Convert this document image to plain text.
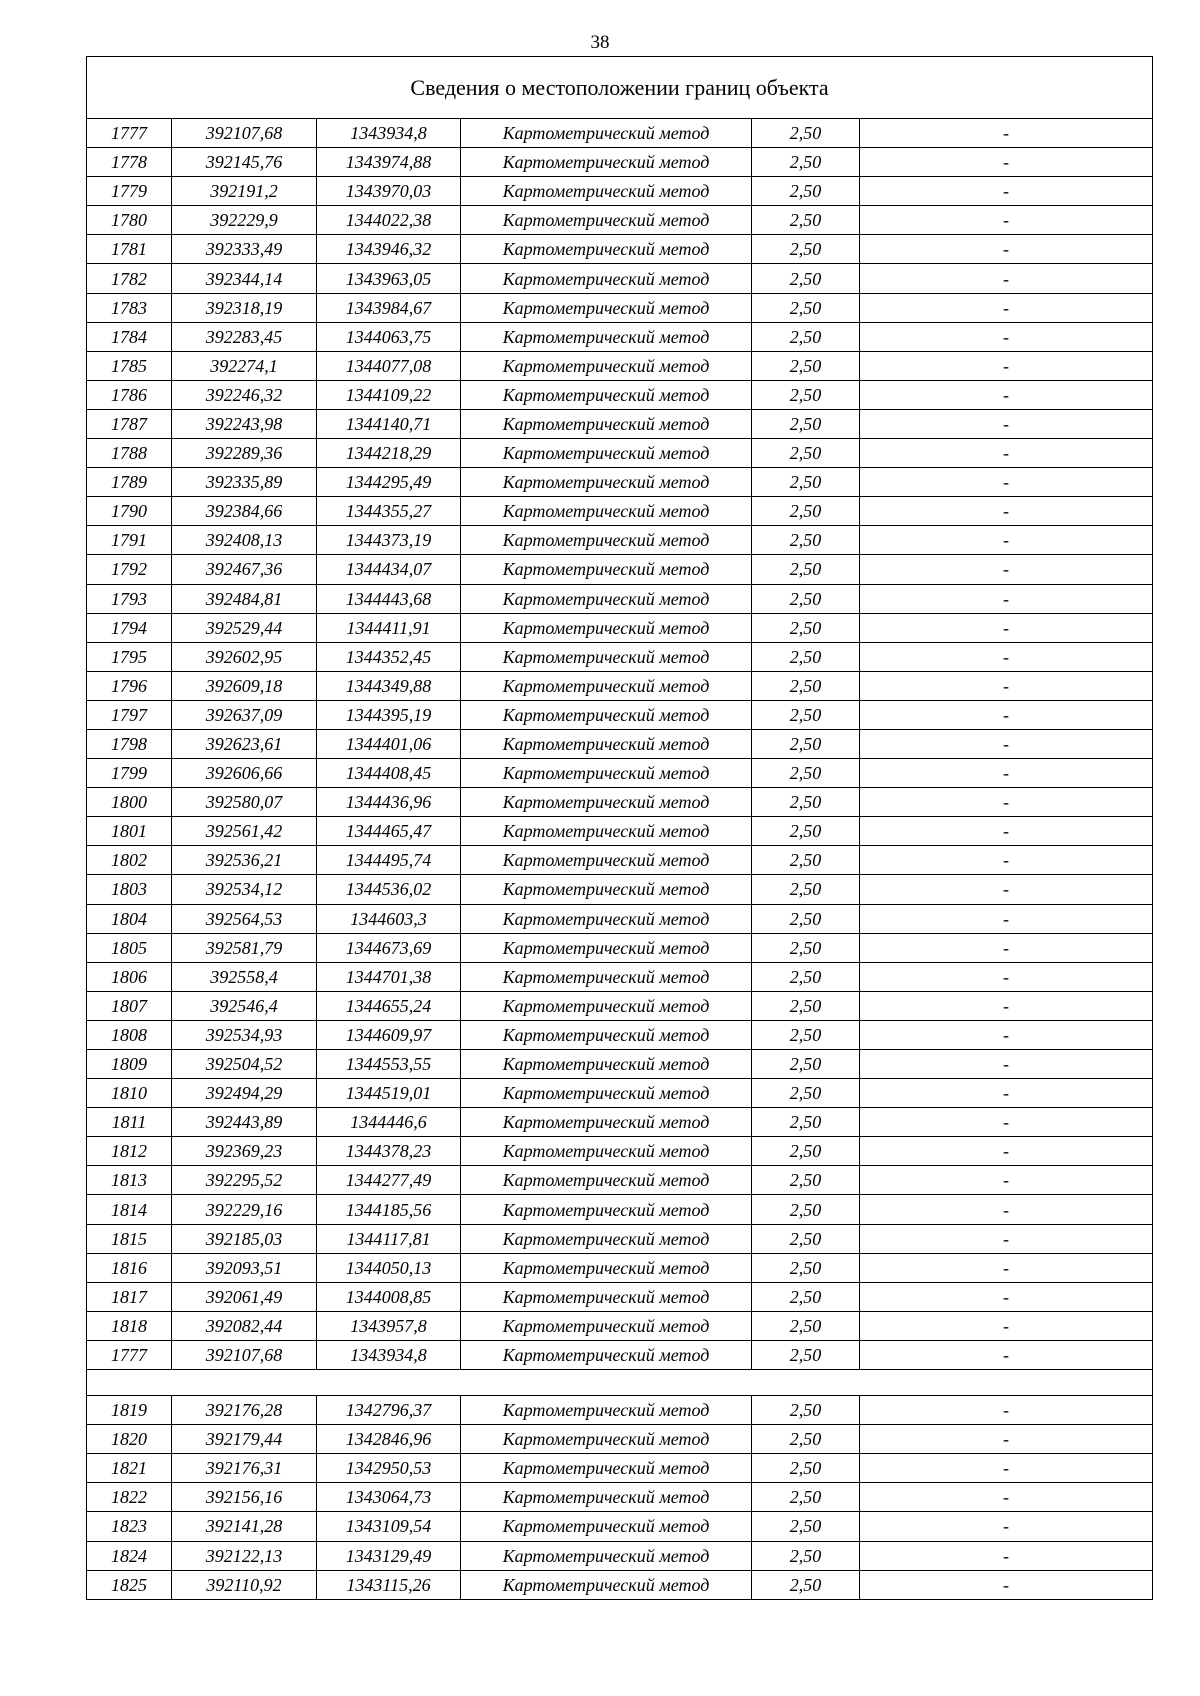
38
Сведения о местоположении границ объекта					
1777	392107,68	1343934,8	Картометрический метод	2,50	-
1778	392145,76	1343974,88	Картометрический метод	2,50	-
1779	392191,2	1343970,03	Картометрический метод	2,50	-
1780	392229,9	1344022,38	Картометрический метод	2,50	-
1781	392333,49	1343946,32	Картометрический метод	2,50	-
1782	392344,14	1343963,05	Картометрический метод	2,50	-
1783	392318,19	1343984,67	Картометрический метод	2,50	-
1784	392283,45	1344063,75	Картометрический метод	2,50	-
1785	392274,1	1344077,08	Картометрический метод	2,50	-
1786	392246,32	1344109,22	Картометрический метод	2,50	-
1787	392243,98	1344140,71	Картометрический метод	2,50	-
1788	392289,36	1344218,29	Картометрический метод	2,50	-
1789	392335,89	1344295,49	Картометрический метод	2,50	-
1790	392384,66	1344355,27	Картометрический метод	2,50	-
1791	392408,13	1344373,19	Картометрический метод	2,50	-
1792	392467,36	1344434,07	Картометрический метод	2,50	-
1793	392484,81	1344443,68	Картометрический метод	2,50	-
1794	392529,44	1344411,91	Картометрический метод	2,50	-
1795	392602,95	1344352,45	Картометрический метод	2,50	-
1796	392609,18	1344349,88	Картометрический метод	2,50	-
1797	392637,09	1344395,19	Картометрический метод	2,50	-
1798	392623,61	1344401,06	Картометрический метод	2,50	-
1799	392606,66	1344408,45	Картометрический метод	2,50	-
1800	392580,07	1344436,96	Картометрический метод	2,50	-
1801	392561,42	1344465,47	Картометрический метод	2,50	-
1802	392536,21	1344495,74	Картометрический метод	2,50	-
1803	392534,12	1344536,02	Картометрический метод	2,50	-
1804	392564,53	1344603,3	Картометрический метод	2,50	-
1805	392581,79	1344673,69	Картометрический метод	2,50	-
1806	392558,4	1344701,38	Картометрический метод	2,50	-
1807	392546,4	1344655,24	Картометрический метод	2,50	-
1808	392534,93	1344609,97	Картометрический метод	2,50	-
1809	392504,52	1344553,55	Картометрический метод	2,50	-
1810	392494,29	1344519,01	Картометрический метод	2,50	-
1811	392443,89	1344446,6	Картометрический метод	2,50	-
1812	392369,23	1344378,23	Картометрический метод	2,50	-
1813	392295,52	1344277,49	Картометрический метод	2,50	-
1814	392229,16	1344185,56	Картометрический метод	2,50	-
1815	392185,03	1344117,81	Картометрический метод	2,50	-
1816	392093,51	1344050,13	Картометрический метод	2,50	-
1817	392061,49	1344008,85	Картометрический метод	2,50	-
1818	392082,44	1343957,8	Картометрический метод	2,50	-
1777	392107,68	1343934,8	Картометрический метод	2,50	-

1819	392176,28	1342796,37	Картометрический метод	2,50	-
1820	392179,44	1342846,96	Картометрический метод	2,50	-
1821	392176,31	1342950,53	Картометрический метод	2,50	-
1822	392156,16	1343064,73	Картометрический метод	2,50	-
1823	392141,28	1343109,54	Картометрический метод	2,50	-
1824	392122,13	1343129,49	Картометрический метод	2,50	-
1825	392110,92	1343115,26	Картометрический метод	2,50	-
